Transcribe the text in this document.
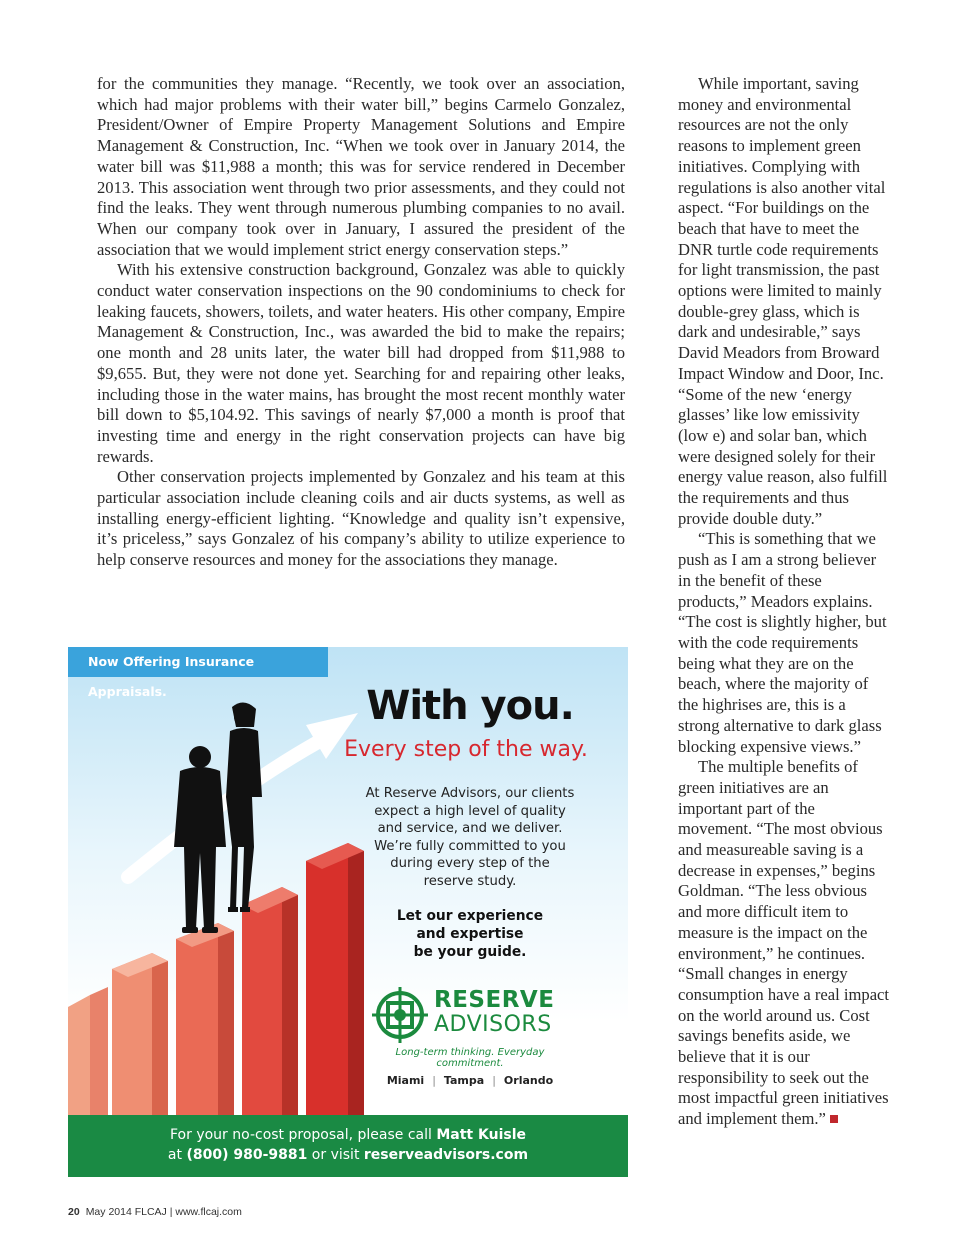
for the communities they manage. “Recently, we took over an association, which had major problems with their water bill,” begins Carmelo Gonzalez, President/Owner of Empire Property Management Solutions and Empire Management & Construction, Inc. “When we took over in January 2014, the water bill was $11,988 a month; this was for service rendered in December 2013. This association went through two prior assessments, and they could not find the leaks. They went through numerous plumbing companies to no avail. When our company took over in January, I assured the president of the association that we would implement strict energy conservation steps.”

With his extensive construction background, Gonzalez was able to quickly conduct water conservation inspections on the 90 condominiums to check for leaking faucets, showers, toilets, and water heaters. His other company, Empire Management & Construction, Inc., was awarded the bid to make the repairs; one month and 28 units later, the water bill had dropped from $11,988 to $9,655. But, they were not done yet. Searching for and repairing other leaks, including those in the water mains, has brought the most recent monthly water bill down to $5,104.92. This savings of nearly $7,000 a month is proof that investing time and energy in the right conservation projects can have big rewards.

Other conservation projects implemented by Gonzalez and his team at this particular association include cleaning coils and air ducts systems, as well as installing energy-efficient lighting. “Knowledge and quality isn’t expensive, it’s priceless,” says Gonzalez of his company’s ability to utilize experience to help conserve resources and money for the associations they manage.

While important, saving money and environmental resources are not the only reasons to implement green initiatives. Complying with regulations is also another vital aspect. “For buildings on the beach that have to meet the DNR turtle code requirements for light transmission, the past options were limited to mainly double-grey glass, which is dark and undesirable,” says David Meadors from Broward Impact Window and Door, Inc. “Some of the new ‘energy glasses’ like low emissivity (low e) and solar ban, which were designed solely for their energy value reason, also fulfill the requirements and thus provide double duty.”

“This is something that we push as I am a strong believer in the benefit of these products,” Meadors explains. “The cost is slightly higher, but with the code requirements being what they are on the beach, where the majority of the highrises are, this is a strong alternative to dark glass blocking expensive views.”

The multiple benefits of green initiatives are an important part of the movement. “The most obvious and measureable saving is a decrease in expenses,” begins Goldman. “The less obvious and more difficult item to measure is the impact on the environment,” he continues. “Small changes in energy consumption have a real impact on the world around us. Cost savings benefits aside, we believe that it is our responsibility to seek out the most impactful green initiatives and implement them.”

Now Offering Insurance Appraisals.	With you.
Every step of the way.
At Reserve Advisors, our clients
expect a high level of quality
and service, and we deliver.
We’re fully committed to you
during every step of the
reserve study.
Let our experience
and expertise
be your guide.
RESERVE
ADVISORS
Long-term thinking. Everyday commitment.
Miami | Tampa | Orlando
For your no-cost proposal, please call Matt Kuisle
at (800) 980-9881 or visit reserveadvisors.com
20 May 2014 FLCAJ | www.flcaj.com
